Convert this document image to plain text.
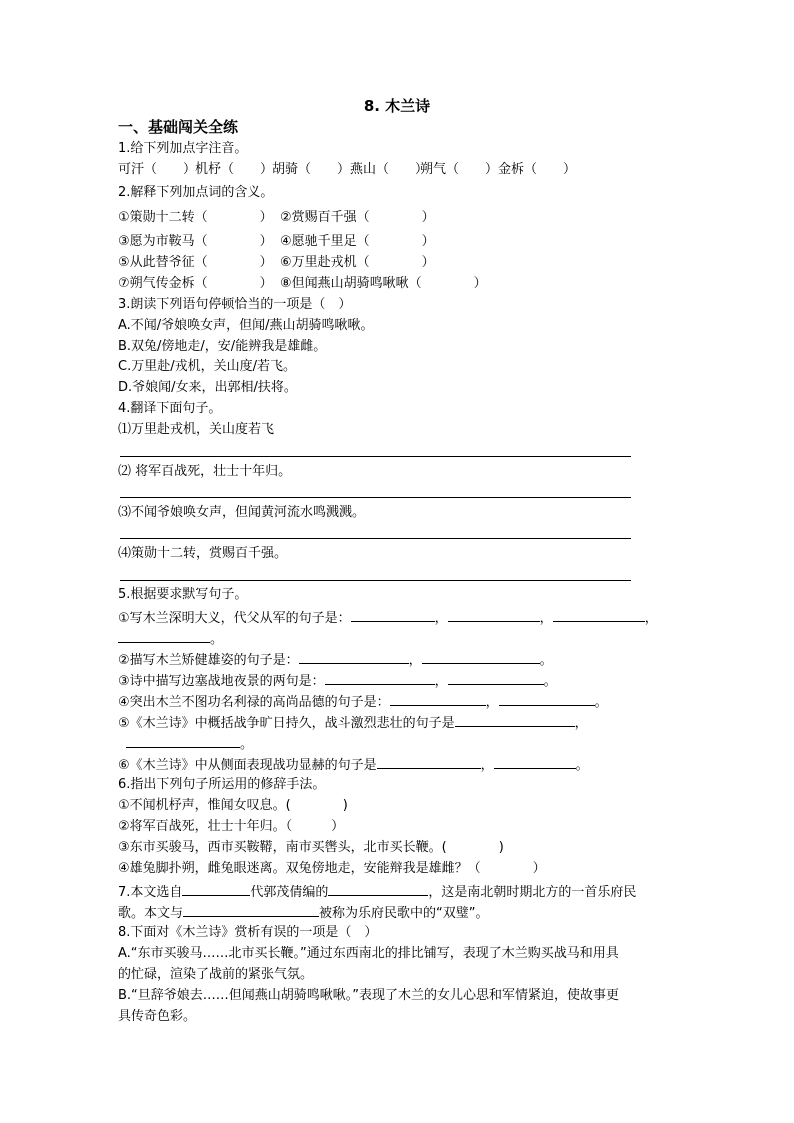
8. 木兰诗
一、基础闯关全练
1.给下列加点字注音。
可汗（　　）
机杼（　　）
胡骑（　　） 燕山（　　）
朔气（　　） 金柝（　　）
2.解释下列加点词的含义。
①策勋十二转（　　　　） ②赏赐百千强（　　　　）
③愿为市鞍马（　　　　） ④愿驰千里足（　　　　）
⑤从此替爷征（　　　　） ⑥万里赴戎机（　　　　）
⑦朔气传金柝（　　　　） ⑧但闻燕山胡骑鸣啾啾（　　　　）
3.朗读下列语句停顿恰当的一项是（　）
A.不闻/爷娘唤女声，但闻/燕山胡骑鸣啾啾。
B.双兔/傍地走/，安/能辨我是雄雌。
C.万里赴/戎机，关山度/若飞。
D.爷娘闻/女来，出郭相/扶将。
4.翻译下面句子。
⑴万里赴戎机，关山度若飞
⑵ 将军百战死，壮士十年归。
⑶不闻爷娘唤女声，但闻黄河流水鸣溅溅。
⑷策勋十二转，赏赐百千强。
5.根据要求默写句子。
①写木兰深明大义，代父从军的句子是：	，	，	，
。
②描写木兰矫健雄姿的句子是：	，	。
③诗中描写边塞战地夜景的两句是：	，	。
④突出木兰不图功名利禄的高尚品德的句子是：	，	。
⑤《木兰诗》中概括战争旷日持久，战斗激烈悲壮的句子是	，
。
⑥《木兰诗》中从侧面表现战功显赫的句子是	，	。
6.指出下列句子所运用的修辞手法。
①不闻机杼声，惟闻女叹息。(　　　　)
②将军百战死，壮士十年归。（　　　）
③东市买骏马，西市买鞍鞯，南市买辔头，北市买长鞭。(　　　　)
④雄兔脚扑朔，雌兔眼迷离。双兔傍地走，安能辩我是雄雌？（　　　　）
7.本文选自	代郭茂倩编的	，这是南北朝时期北方的一首乐府民
歌。本文与	被称为乐府民歌中的“双璧”。
8.下面对《木兰诗》赏析有误的一项是（　）
A.“东市买骏马……北市买长鞭。”通过东西南北的排比铺写，表现了木兰购买战马和用具
的忙碌，渲染了战前的紧张气氛。
B.“旦辞爷娘去……但闻燕山胡骑鸣啾啾。”表现了木兰的女儿心思和军情紧迫，使故事更
具传奇色彩。
